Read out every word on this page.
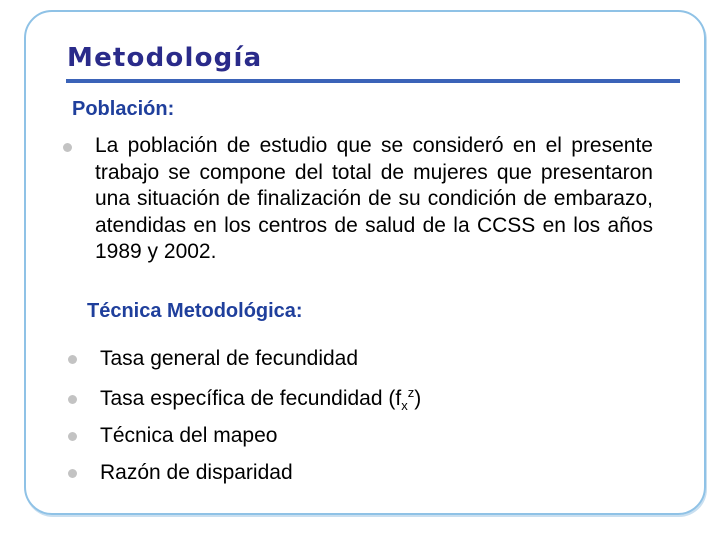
Metodología
Población:

La población de estudio que se consideró en el presente trabajo se compone del total de mujeres que presentaron una situación de finalización de su condición de embarazo, atendidas en los centros de salud de la CCSS en los años 1989 y 2002.

Técnica Metodológica:

Tasa general de fecundidad

Tasa específica de fecundidad $(f_x^z)$

Técnica del mapeo

Razón de disparidad
